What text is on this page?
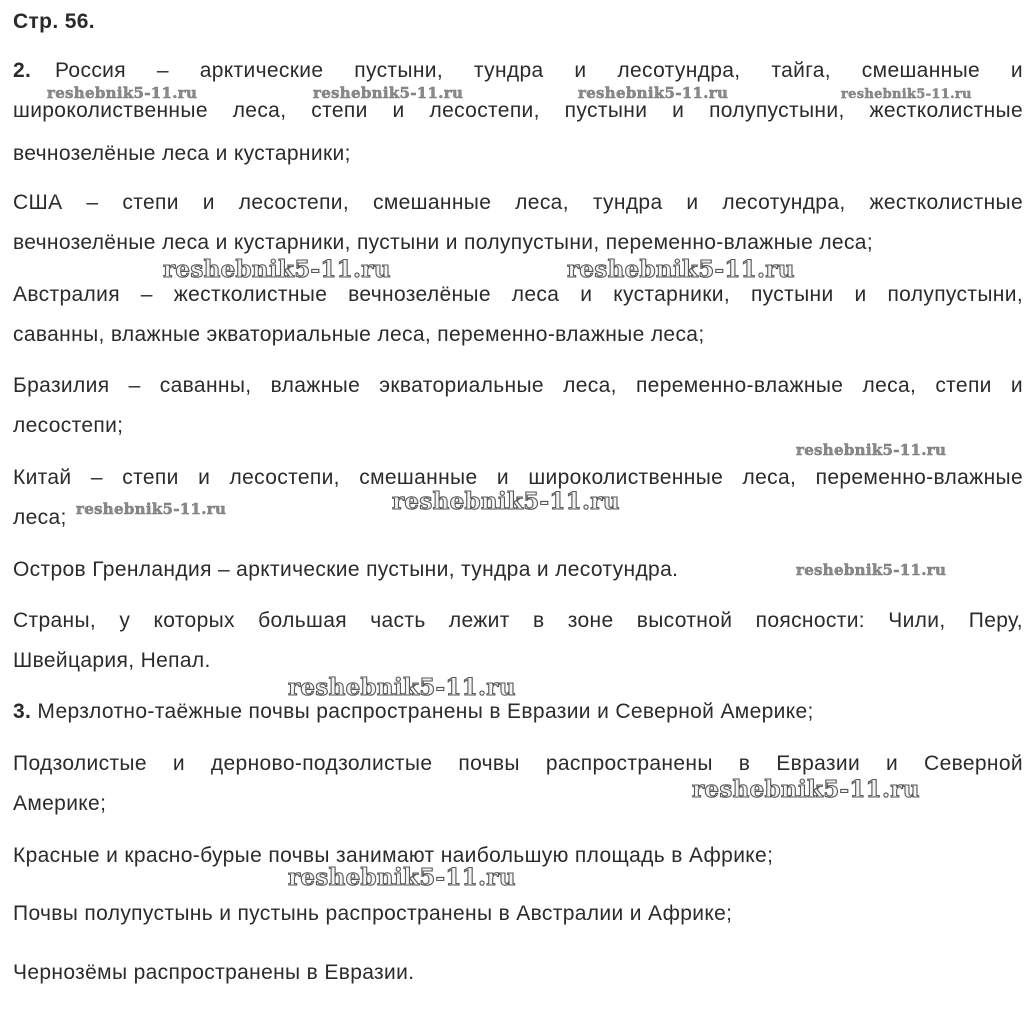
Стр. 56.
Россия – арктические пустыни, тундра и лесотундра, тайга, смешанные и
2.
широколиственные леса, степи и лесостепи, пустыни и полупустыни, жестколистные
вечнозелёные леса и кустарники;
США – степи и лесостепи, смешанные леса, тундра и лесотундра, жестколистные
вечнозелёные леса и кустарники, пустыни и полупустыни, переменно-влажные леса;
Австралия – жестколистные вечнозелёные леса и кустарники, пустыни и полупустыни,
саванны, влажные экваториальные леса, переменно-влажные леса;
Бразилия – саванны, влажные экваториальные леса, переменно-влажные леса, степи и
лесостепи;
Китай – степи и лесостепи, смешанные и широколиственные леса, переменно-влажные
леса;
Остров Гренландия – арктические пустыни, тундра и лесотундра.
Страны, у которых большая часть лежит в зоне высотной поясности: Чили, Перу,
Швейцария, Непал.
3. Мерзлотно-таёжные почвы распространены в Евразии и Северной Америке;
Подзолистые и дерново-подзолистые почвы распространены в Евразии и Северной
Америке;
Красные и красно-бурые почвы занимают наибольшую площадь в Африке;
Почвы полупустынь и пустынь распространены в Австралии и Африке;
Чернозёмы распространены в Евразии.
reshebnik5-11.ru	reshebnik5-11.ru	reshebnik5-11.ru	reshebnik5-11.ru
reshebnik5-11.ru	reshebnik5-11.ru
reshebnik5-11.ru
reshebnik5-11.ru	reshebnik5-11.ru
reshebnik5-11.ru
reshebnik5-11.ru
reshebnik5-11.ru
reshebnik5-11.ru
